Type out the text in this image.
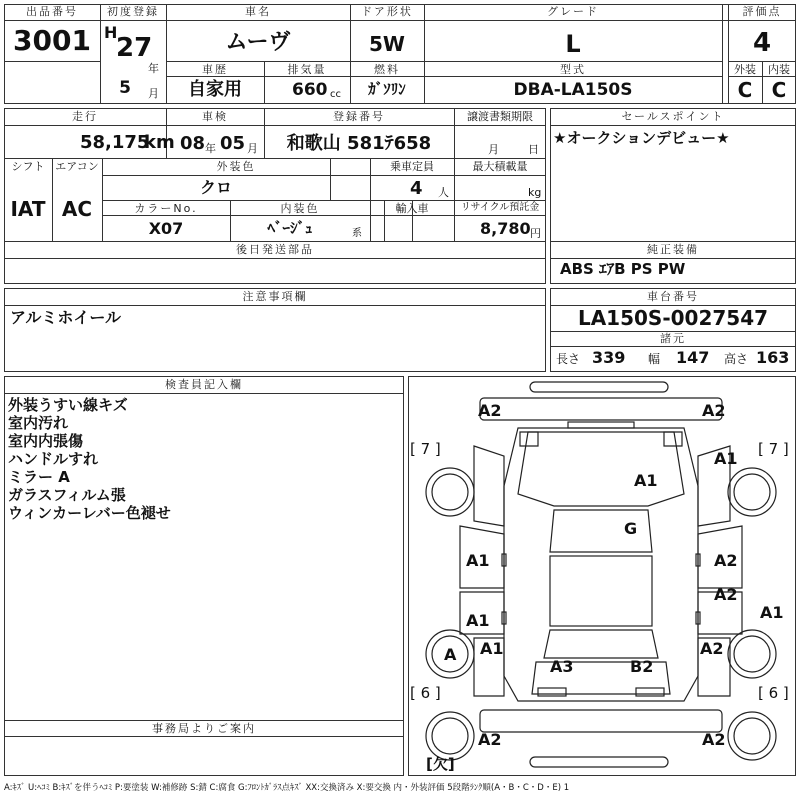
出品番号
3001
初度登録
H
27
年
5	月
車名
ムーヴ
ドア形状
5W
グレード
L
評価点
4
車歴
自家用
排気量
660 cc
燃料
ｶﾞｿﾘﾝ
型式
DBA-LA150S
外装	内装
C C
走行
58,175
km
車検
08 年 05 月
登録番号
和歌山 581ﾃ658
譲渡書類期限
月	日
シフト
IAT
エアコン
AC
外装色
クロ
乗車定員
4 人
最大積載量
kg
カラーNo.
X07
内装色
ﾍﾞｰｼﾞｭ	系
輸入車	リサイクル預託金
8,780 円
後日発送部品
セールスポイント
★オークションデビュー★
純正装備
ABS ｴｱB PS PW
注意事項欄
アルミホイール
車台番号
LA150S-0027547
諸元
長さ 339 幅 147 高さ 163
検査員記入欄
外装うすい線キズ
室内汚れ
室内内張傷
ハンドルすれ
ミラー A
ガラスフィルム張
ウィンカーレバー色褪せ
事務局よりご案内
A2	A2
A2	A2
A1
A1
G
A1	A2
A2
A1
A1
A1
A3	B2
A2
A
[ 7 ]	[ 7 ]
[ 6 ]	[ 6 ]
[欠]
A:ｷｽﾞ U:ﾍｺﾐ B:ｷｽﾞを伴うﾍｺﾐ P:要塗装 W:補修跡 S:錆 C:腐食 G:ﾌﾛﾝﾄｶﾞﾗｽ点ｷｽﾞ XX:交換済み X:要交換 内・外装評価 5段階ﾗﾝｸ順(A・B・C・D・E) 1
